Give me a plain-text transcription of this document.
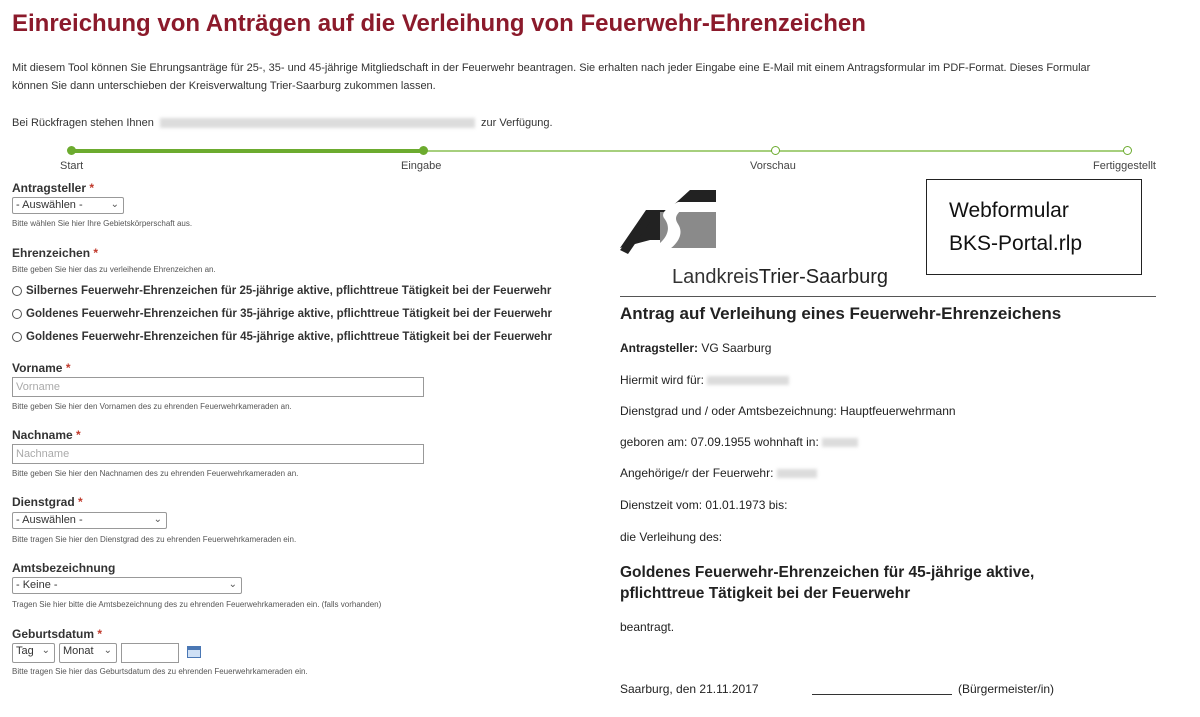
Einreichung von Anträgen auf die Verleihung von Feuerwehr-Ehrenzeichen
Mit diesem Tool können Sie Ehrungsanträge für 25-, 35- und 45-jährige Mitgliedschaft in der Feuerwehr beantragen. Sie erhalten nach jeder Eingabe eine E-Mail mit einem Antragsformular im PDF-Format. Dieses Formular
können Sie dann unterschieben der Kreisverwaltung Trier-Saarburg zukommen lassen.
Bei Rückfragen stehen Ihnen	zur Verfügung.
Start	Eingabe	Vorschau	Fertiggestellt
Antragsteller *
- Auswählen -	⌄
Bitte wählen Sie hier Ihre Gebietskörperschaft aus.
Ehrenzeichen *
Bitte geben Sie hier das zu verleihende Ehrenzeichen an.
Silbernes Feuerwehr-Ehrenzeichen für 25-jährige aktive, pflichttreue Tätigkeit bei der Feuerwehr
Goldenes Feuerwehr-Ehrenzeichen für 35-jährige aktive, pflichttreue Tätigkeit bei der Feuerwehr
Goldenes Feuerwehr-Ehrenzeichen für 45-jährige aktive, pflichttreue Tätigkeit bei der Feuerwehr
Vorname *
Vorname
Bitte geben Sie hier den Vornamen des zu ehrenden Feuerwehrkameraden an.
Nachname *
Nachname
Bitte geben Sie hier den Nachnamen des zu ehrenden Feuerwehrkameraden an.
Dienstgrad *
- Auswählen -	⌄
Bitte tragen Sie hier den Dienstgrad des zu ehrenden Feuerwehrkameraden ein.
Amtsbezeichnung
- Keine -	⌄
Tragen Sie hier bitte die Amtsbezeichnung des zu ehrenden Feuerwehrkameraden ein. (falls vorhanden)
Geburtsdatum *
Tag ⌄	Monat ⌄
Bitte tragen Sie hier das Geburtsdatum des zu ehrenden Feuerwehrkameraden ein.
LandkreisTrier-Saarburg
Antrag auf Verleihung eines Feuerwehr-Ehrenzeichens
Antragsteller: VG Saarburg
Hiermit wird für:
Dienstgrad und / oder Amtsbezeichnung: Hauptfeuerwehrmann
geboren am: 07.09.1955 wohnhaft in:
Angehörige/r der Feuerwehr:
Dienstzeit vom: 01.01.1973 bis:
die Verleihung des:
Goldenes Feuerwehr-Ehrenzeichen für 45-jährige aktive,
pflichttreue Tätigkeit bei der Feuerwehr
beantragt.
Saarburg, den 21.11.2017	(Bürgermeister/in)
Webformular
BKS-Portal.rlp
